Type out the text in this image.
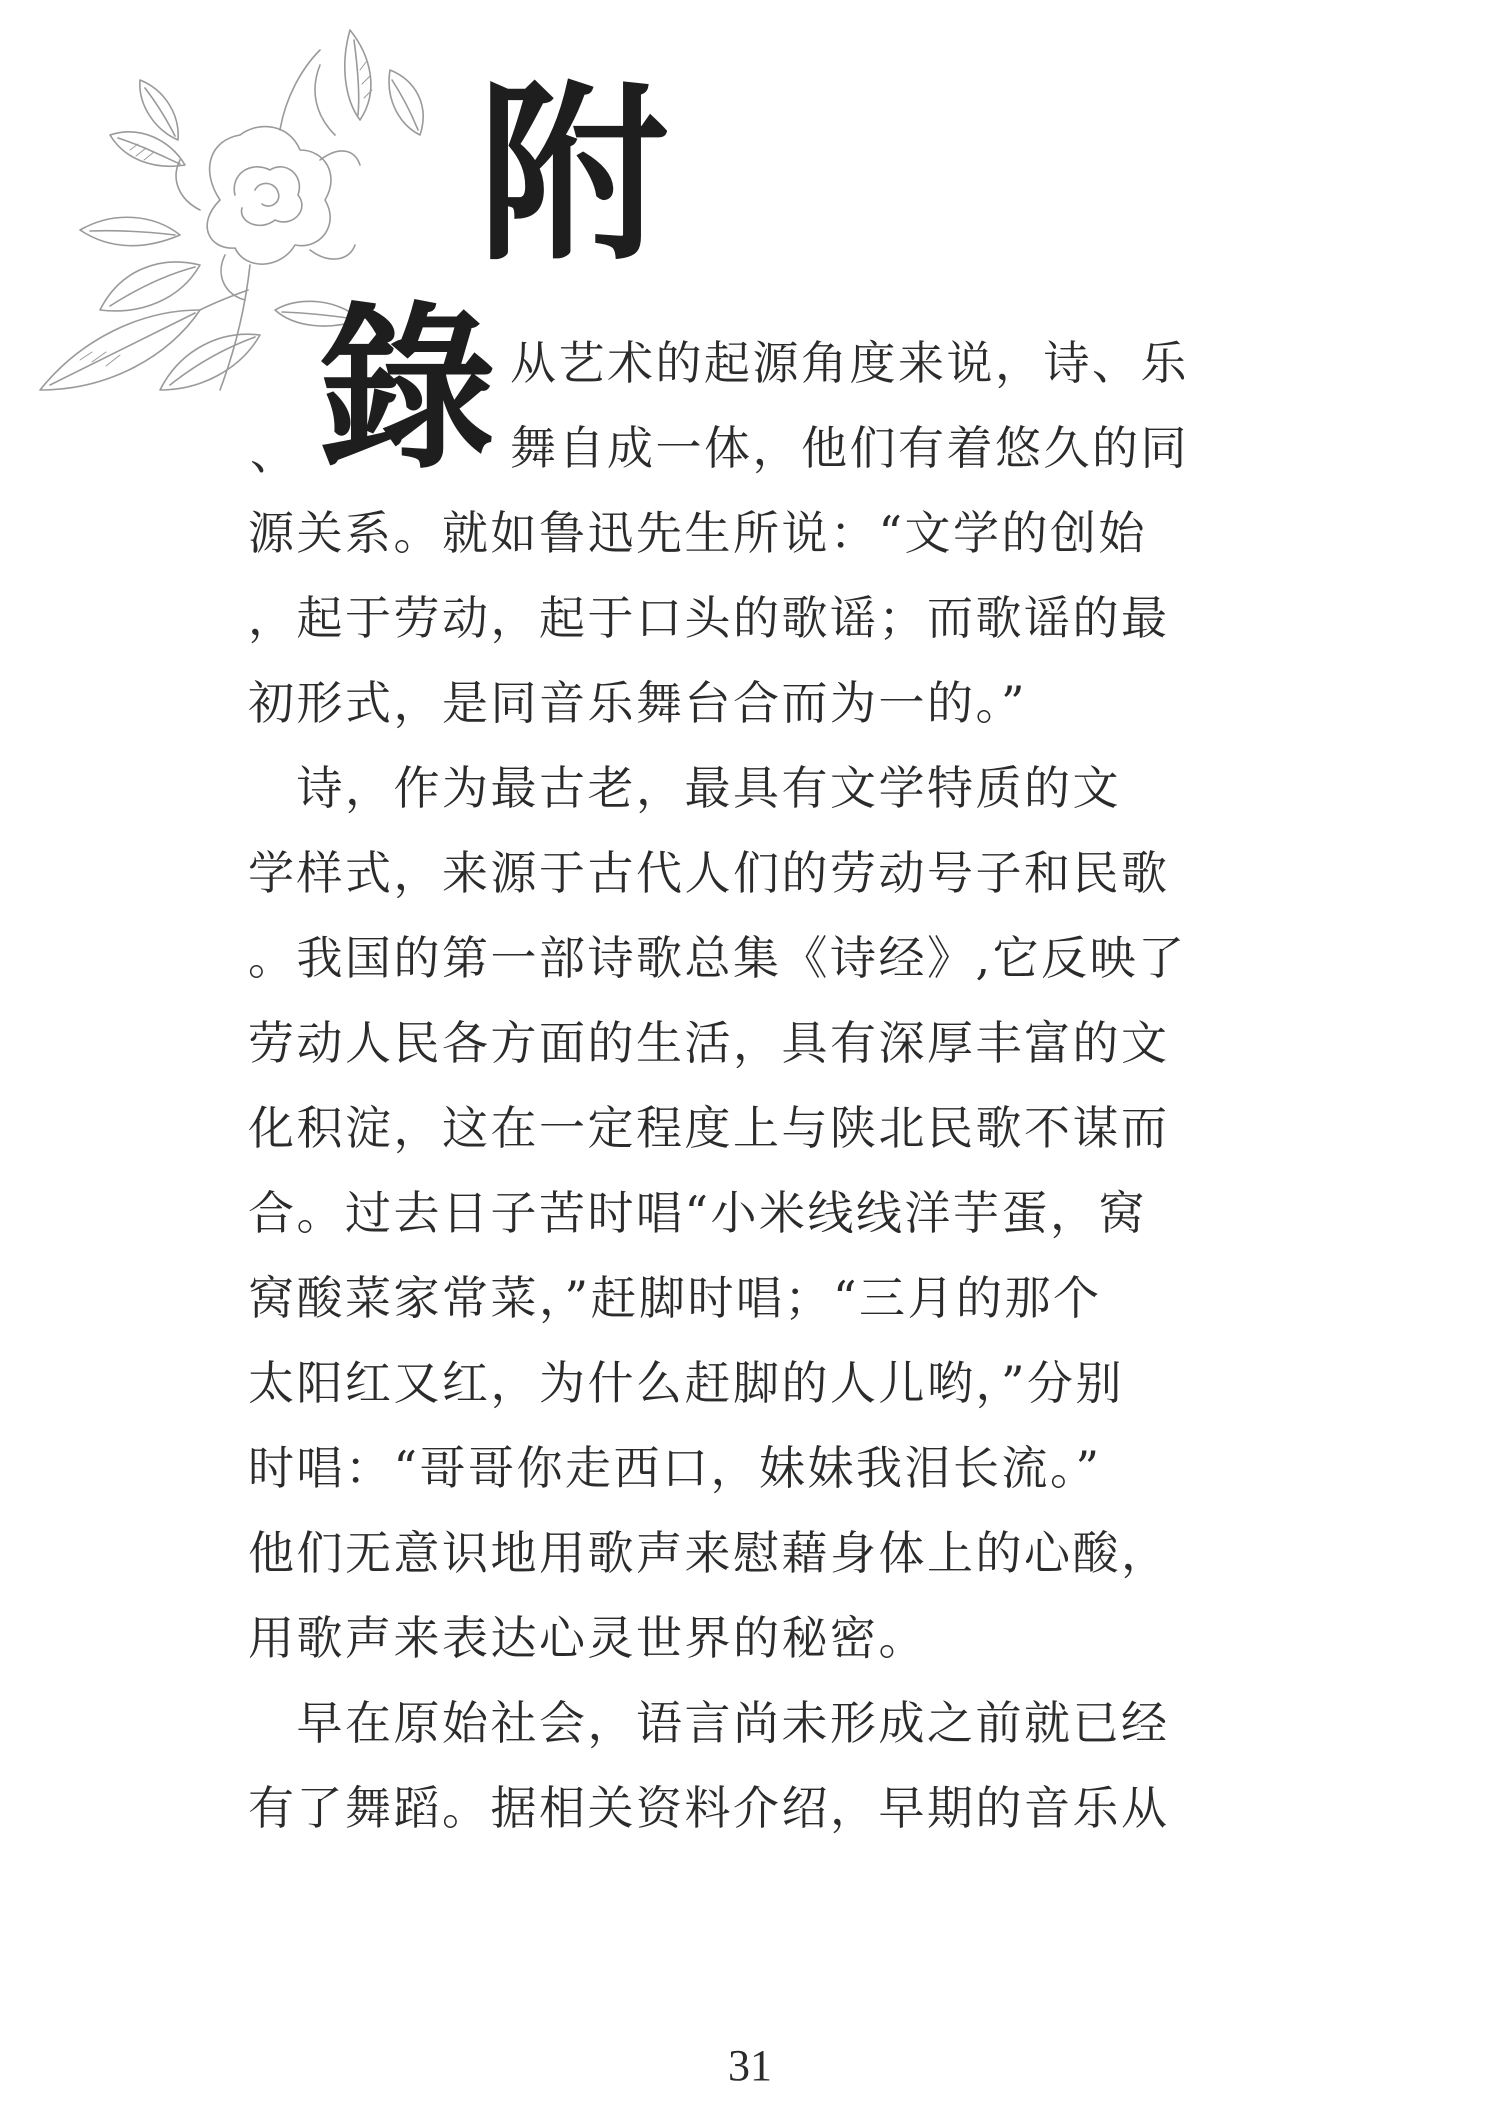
附
錄
、
从艺术的起源角度来说，诗、乐
舞自成一体，他们有着悠久的同
源关系。就如鲁迅先生所说：“文学的创始
，起于劳动，起于口头的歌谣；而歌谣的最
初形式，是同音乐舞台合而为一的。”
　诗，作为最古老，最具有文学特质的文
学样式，来源于古代人们的劳动号子和民歌
。我国的第一部诗歌总集《诗经》,它反映了
劳动人民各方面的生活，具有深厚丰富的文
化积淀，这在一定程度上与陕北民歌不谋而
合。过去日子苦时唱“小米线线洋芋蛋，窝
窝酸菜家常菜，”赶脚时唱；“三月的那个
太阳红又红，为什么赶脚的人儿哟，”分别
时唱：“哥哥你走西口，妹妹我泪长流。”
他们无意识地用歌声来慰藉身体上的心酸，
用歌声来表达心灵世界的秘密。
　早在原始社会，语言尚未形成之前就已经
有了舞蹈。据相关资料介绍，早期的音乐从
31
